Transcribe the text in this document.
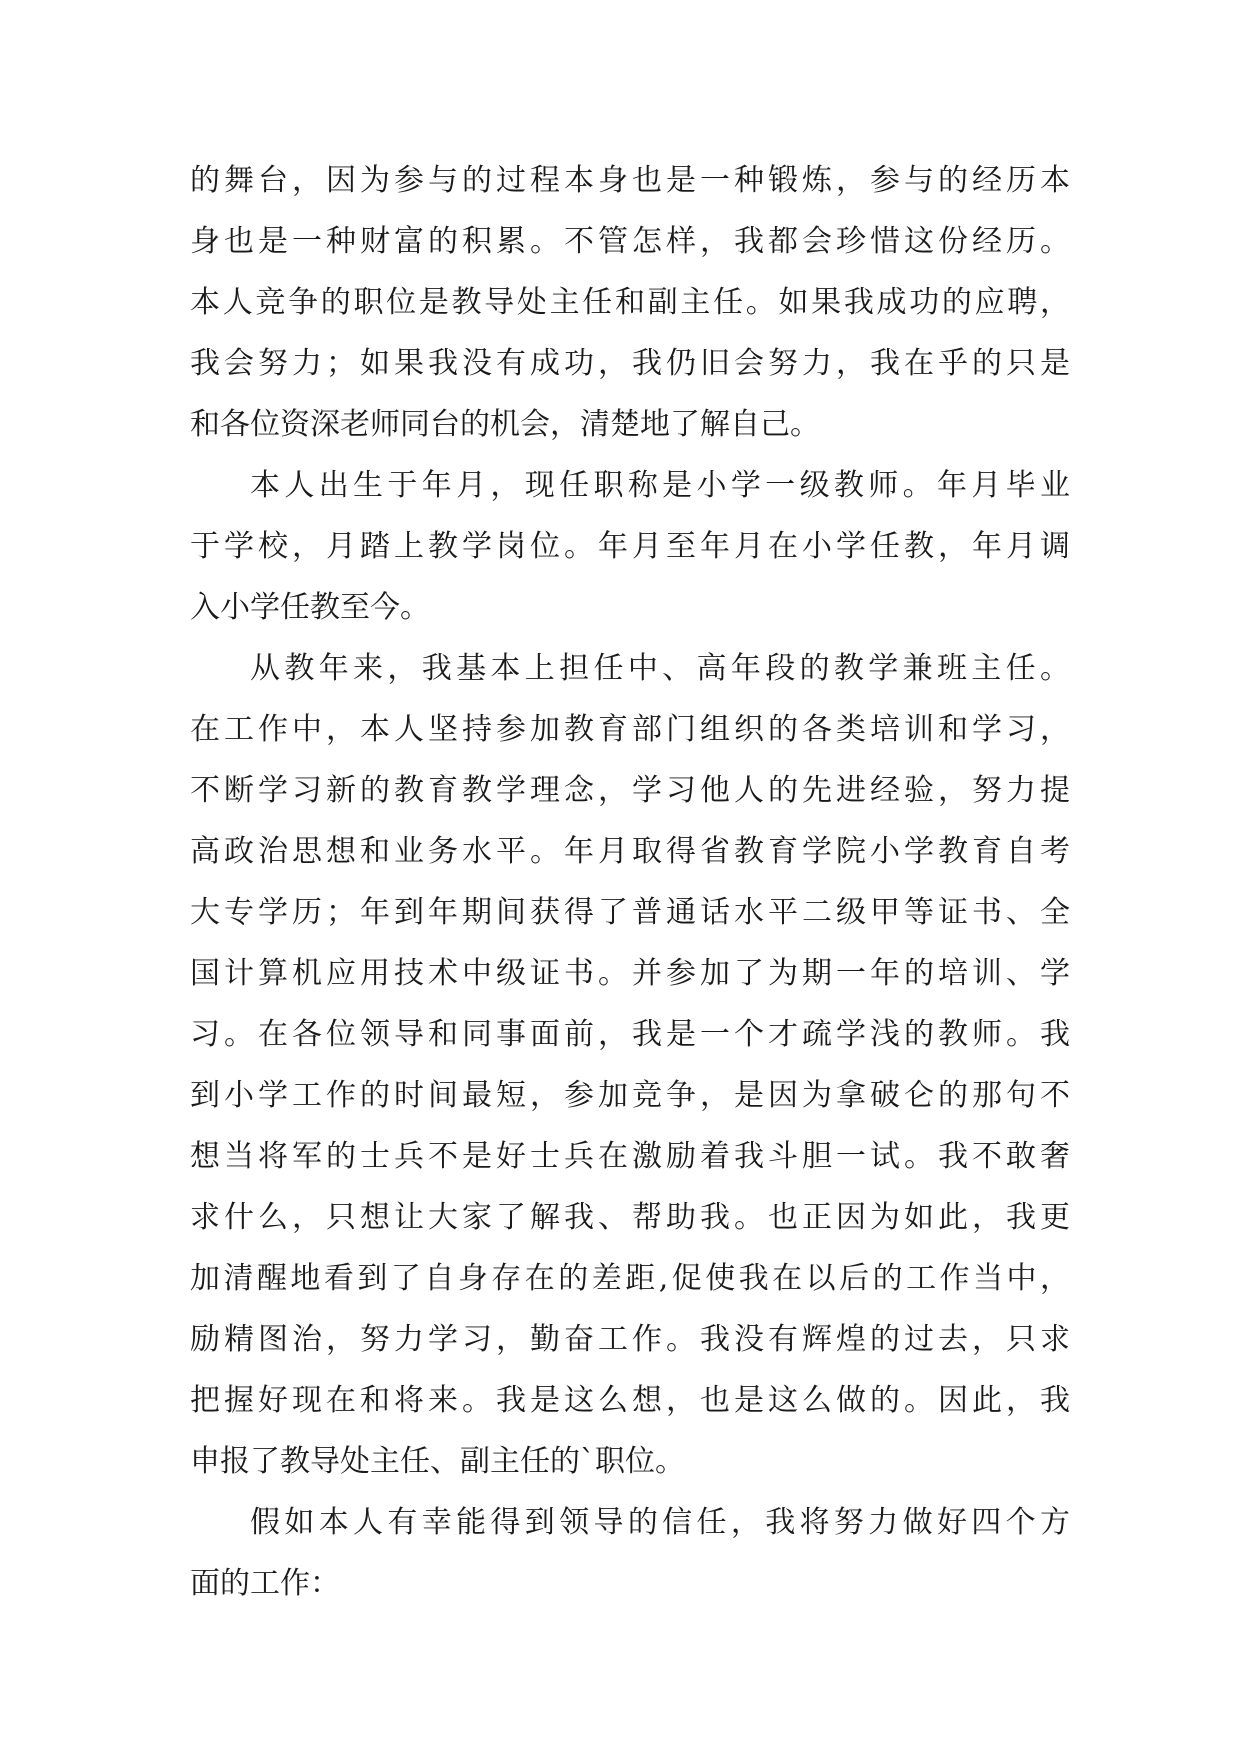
的舞台，因为参与的过程本身也是一种锻炼，参与的经历本
身也是一种财富的积累。不管怎样，我都会珍惜这份经历。
本人竞争的职位是教导处主任和副主任。如果我成功的应聘，
我会努力；如果我没有成功，我仍旧会努力，我在乎的只是
和各位资深老师同台的机会，清楚地了解自己。
本人出生于年月，现任职称是小学一级教师。年月毕业
于学校，月踏上教学岗位。年月至年月在小学任教，年月调
入小学任教至今。
从教年来，我基本上担任中、高年段的教学兼班主任。
在工作中，本人坚持参加教育部门组织的各类培训和学习，
不断学习新的教育教学理念，学习他人的先进经验，努力提
高政治思想和业务水平。年月取得省教育学院小学教育自考
大专学历；年到年期间获得了普通话水平二级甲等证书、全
国计算机应用技术中级证书。并参加了为期一年的培训、学
习。在各位领导和同事面前，我是一个才疏学浅的教师。我
到小学工作的时间最短，参加竞争，是因为拿破仑的那句不
想当将军的士兵不是好士兵在激励着我斗胆一试。我不敢奢
求什么，只想让大家了解我、帮助我。也正因为如此，我更
加清醒地看到了自身存在的差距,促使我在以后的工作当中，
励精图治，努力学习，勤奋工作。我没有辉煌的过去，只求
把握好现在和将来。我是这么想，也是这么做的。因此，我
申报了教导处主任、副主任的`职位。
假如本人有幸能得到领导的信任，我将努力做好四个方
面的工作：
